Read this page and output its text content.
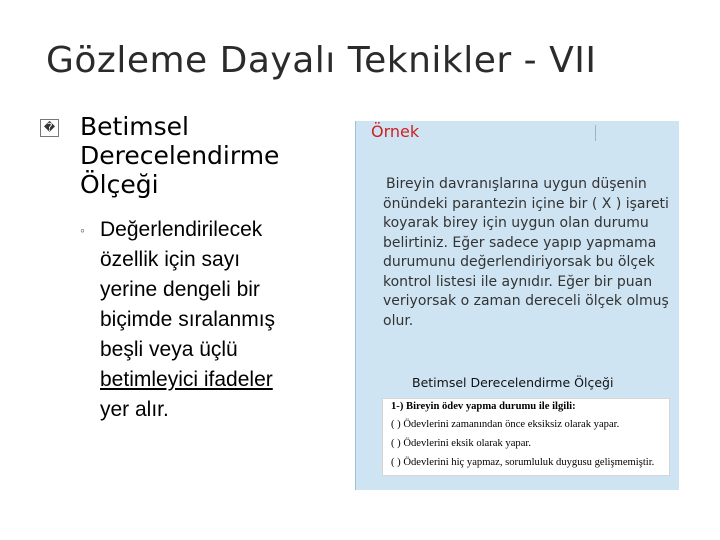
Gözleme Dayalı Teknikler - VII
� Betimsel
Derecelendirme
Ölçeği
◦ Değerlendirilecek
özellik için sayı
yerine dengeli bir
biçimde sıralanmış
beşli veya üçlü
betimleyici ifadeler
yer alır.
Örnek

Bireyin davranışlarına uygun düşenin önündeki parantezin içine bir ( X ) işareti koyarak birey için uygun olan durumu belirtiniz. Eğer sadece yapıp yapmama durumunu değerlendiriyorsak bu ölçek kontrol listesi ile aynıdır. Eğer bir puan veriyorsak o zaman dereceli ölçek olmuş olur.

Betimsel Derecelendirme Ölçeği
1-) Bireyin ödev yapma durumu ile ilgili:
( ) Ödevlerini zamanından önce eksiksiz olarak yapar.
( ) Ödevlerini eksik olarak yapar.
( ) Ödevlerini hiç yapmaz, sorumluluk duygusu gelişmemiştir.
